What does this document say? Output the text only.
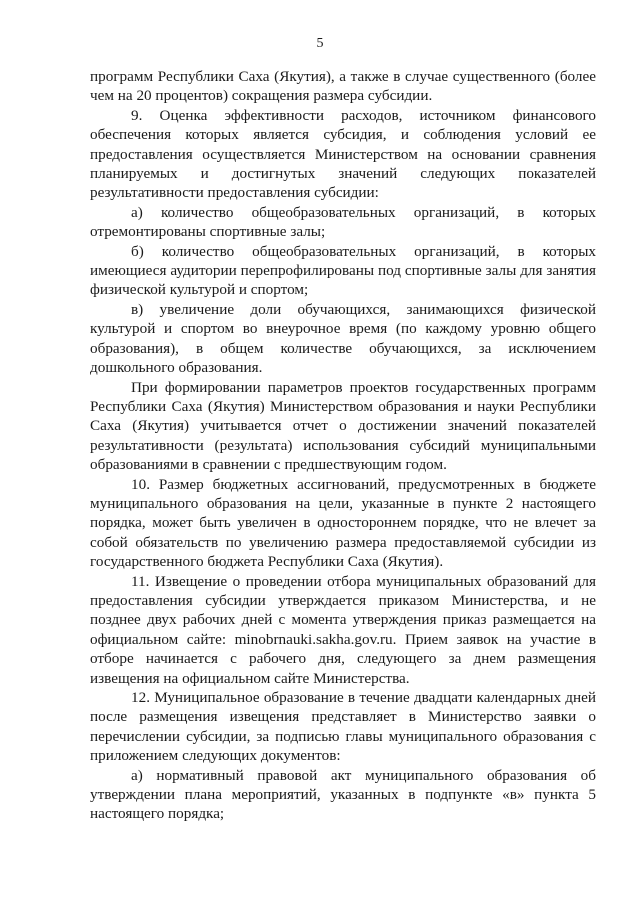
5

программ Республики Саха (Якутия), а также в случае существенного (более чем на 20 процентов) сокращения размера субсидии.

9. Оценка эффективности расходов, источником финансового обеспечения которых является субсидия, и соблюдения условий ее предоставления осуществляется Министерством на основании сравнения планируемых и достигнутых значений следующих показателей результативности предоставления субсидии:

а) количество общеобразовательных организаций, в которых отремонтированы спортивные залы;

б) количество общеобразовательных организаций, в которых имеющиеся аудитории перепрофилированы под спортивные залы для занятия физической культурой и спортом;

в) увеличение доли обучающихся, занимающихся физической культурой и спортом во внеурочное время (по каждому уровню общего образования), в общем количестве обучающихся, за исключением дошкольного образования.

При формировании параметров проектов государственных программ Республики Саха (Якутия) Министерством образования и науки Республики Саха (Якутия) учитывается отчет о достижении значений показателей результативности (результата) использования субсидий муниципальными образованиями в сравнении с предшествующим годом.

10. Размер бюджетных ассигнований, предусмотренных в бюджете муниципального образования на цели, указанные в пункте 2 настоящего порядка, может быть увеличен в одностороннем порядке, что не влечет за собой обязательств по увеличению размера предоставляемой субсидии из государственного бюджета Республики Саха (Якутия).

11. Извещение о проведении отбора муниципальных образований для предоставления субсидии утверждается приказом Министерства, и не позднее двух рабочих дней с момента утверждения приказ размещается на официальном сайте: minobrnauki.sakha.gov.ru. Прием заявок на участие в отборе начинается с рабочего дня, следующего за днем размещения извещения на официальном сайте Министерства.

12. Муниципальное образование в течение двадцати календарных дней после размещения извещения представляет в Министерство заявки о перечислении субсидии, за подписью главы муниципального образования с приложением следующих документов:

а) нормативный правовой акт муниципального образования об утверждении плана мероприятий, указанных в подпункте «в» пункта 5 настоящего порядка;
